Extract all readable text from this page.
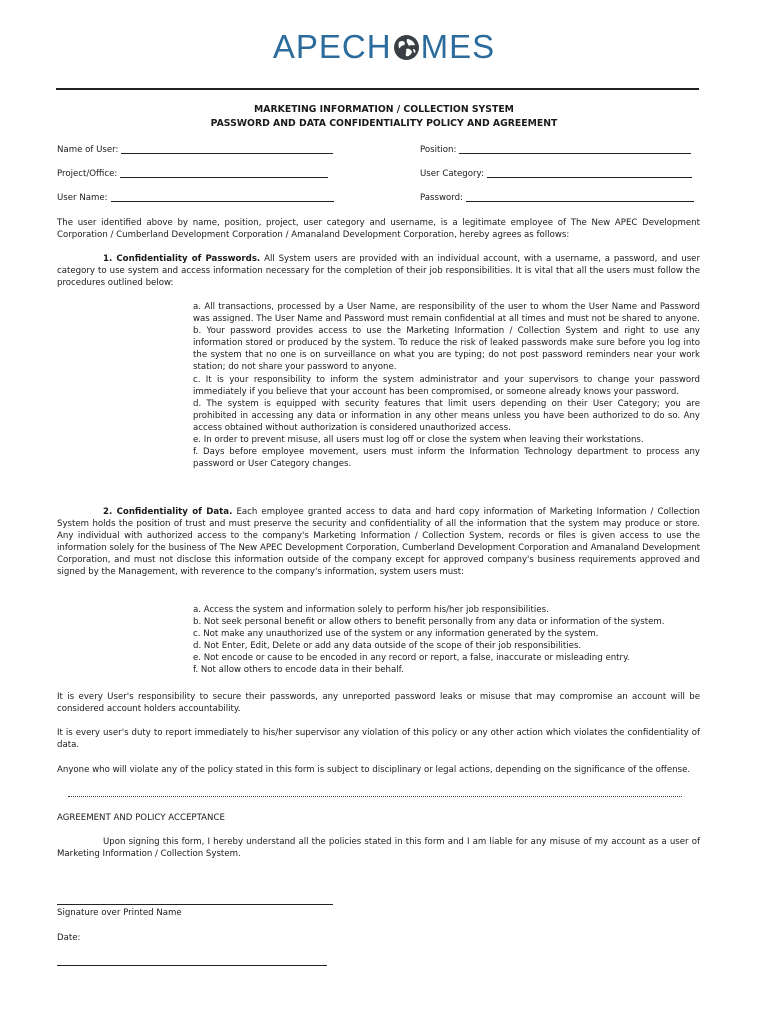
APECH MES
MARKETING INFORMATION / COLLECTION SYSTEM
PASSWORD AND DATA CONFIDENTIALITY POLICY AND AGREEMENT
Name of User:	Position:
Project/Office:	User Category:
User Name:	Password:

The user identified above by name, position, project, user category and username, is a legitimate employee of The New APEC Development Corporation / Cumberland Development Corporation / Amanaland Development Corporation, hereby agrees as follows:

1. Confidentiality of Passwords. All System users are provided with an individual account, with a username, a password, and user category to use system and access information necessary for the completion of their job responsibilities. It is vital that all the users must follow the procedures outlined below:

a. All transactions, processed by a User Name, are responsibility of the user to whom the User Name and Password was assigned. The User Name and Password must remain confidential at all times and must not be shared to anyone.

b. Your password provides access to use the Marketing Information / Collection System and right to use any information stored or produced by the system. To reduce the risk of leaked passwords make sure before you log into the system that no one is on surveillance on what you are typing; do not post password reminders near your work station; do not share your password to anyone.

c. It is your responsibility to inform the system administrator and your supervisors to change your password immediately if you believe that your account has been compromised, or someone already knows your password.

d. The system is equipped with security features that limit users depending on their User Category; you are prohibited in accessing any data or information in any other means unless you have been authorized to do so. Any access obtained without authorization is considered unauthorized access.

e. In order to prevent misuse, all users must log off or close the system when leaving their workstations.

f. Days before employee movement, users must inform the Information Technology department to process any password or User Category changes.

2. Confidentiality of Data. Each employee granted access to data and hard copy information of Marketing Information / Collection System holds the position of trust and must preserve the security and confidentiality of all the information that the system may produce or store. Any individual with authorized access to the company's Marketing Information / Collection System, records or files is given access to use the information solely for the business of The New APEC Development Corporation, Cumberland Development Corporation and Amanaland Development Corporation, and must not disclose this information outside of the company except for approved company's business requirements approved and signed by the Management, with reverence to the company's information, system users must:

a. Access the system and information solely to perform his/her job responsibilities.

b. Not seek personal benefit or allow others to benefit personally from any data or information of the system.

c. Not make any unauthorized use of the system or any information generated by the system.

d. Not Enter, Edit, Delete or add any data outside of the scope of their job responsibilities.

e. Not encode or cause to be encoded in any record or report, a false, inaccurate or misleading entry.

f. Not allow others to encode data in their behalf.

It is every User's responsibility to secure their passwords, any unreported password leaks or misuse that may compromise an account will be considered account holders accountability.

It is every user's duty to report immediately to his/her supervisor any violation of this policy or any other action which violates the confidentiality of data.

Anyone who will violate any of the policy stated in this form is subject to disciplinary or legal actions, depending on the significance of the offense.

AGREEMENT AND POLICY ACCEPTANCE

Upon signing this form, I hereby understand all the policies stated in this form and I am liable for any misuse of my account as a user of Marketing Information / Collection System.

Signature over Printed Name
Date:
